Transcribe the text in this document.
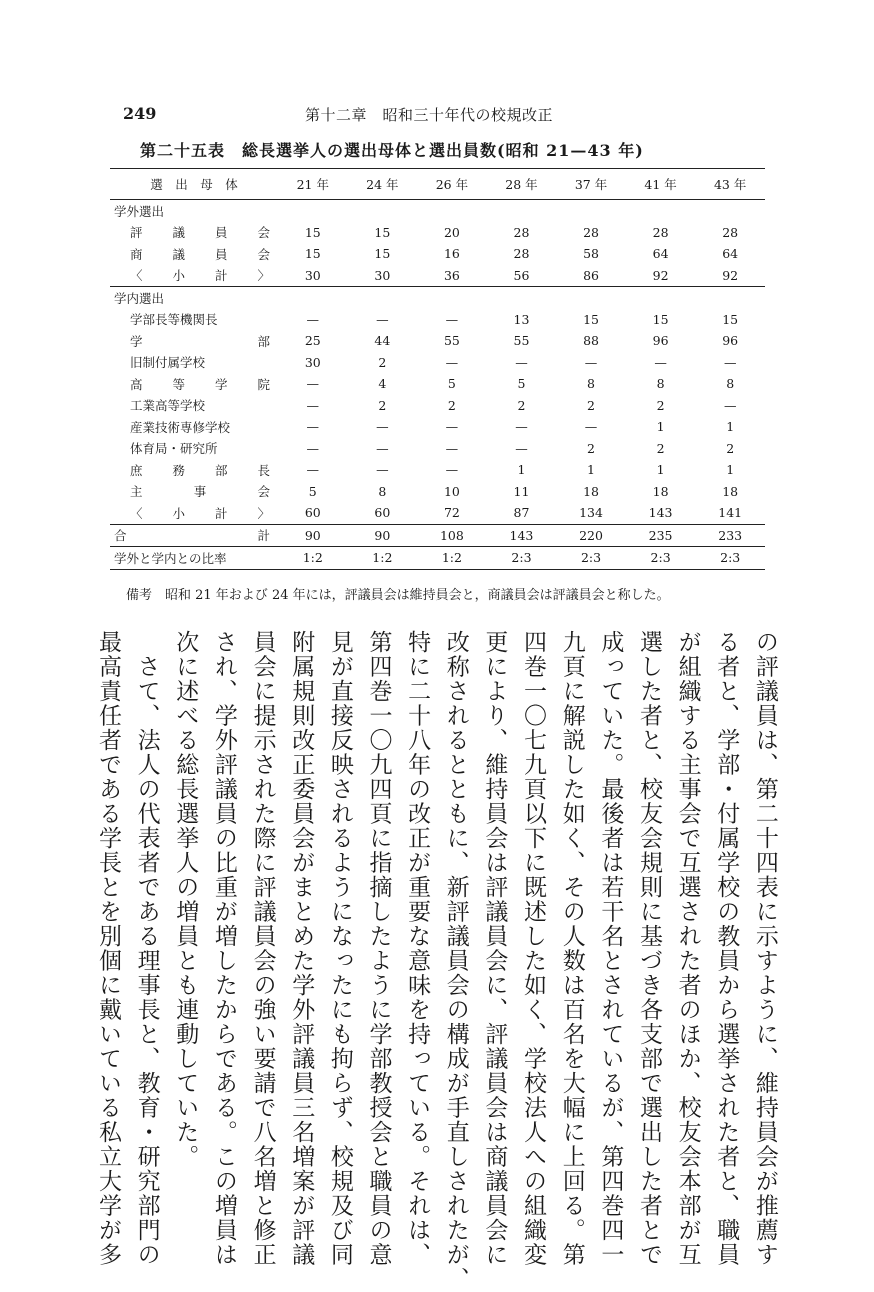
249	第十二章　昭和三十年代の校規改正
第二十五表　総長選挙人の選出母体と選出員数(昭和 21—43 年)
選　出　母　体	21 年	24 年	26 年	28 年	37 年	41 年	43 年
学外選出							

評議員会	15	15	20	28	28	28	28

商議員会	15	15	16	28	58	64	64

〈小計〉	30	30	36	56	86	92	92
学内選出							
学部長等機関長	—	—	—	13	15	15	15

学部	25	44	55	55	88	96	96
旧制付属学校	30	2	—	—	—	—	—

高等学院	—	4	5	5	8	8	8
工業高等学校	—	2	2	2	2	2	—
産業技術専修学校	—	—	—	—	—	1	1
体育局・研究所	—	—	—	—	2	2	2

庶務部長	—	—	—	1	1	1	1

主事会	5	8	10	11	18	18	18

〈小計〉	60	60	72	87	134	143	141

合計	90	90	108	143	220	235	233
学外と学内との比率	1:2	1:2	1:2	2:3	2:3	2:3	2:3
備考　昭和 21 年および 24 年には，評議員会は維持員会と，商議員会は評議員会と称した。
の評議員は、第二十四表に示すように、維持員会が推薦す
る者と、学部・付属学校の教員から選挙された者と、職員
が組織する主事会で互選された者のほか、校友会本部が互
選した者と、校友会規則に基づき各支部で選出した者とで
成っていた。最後者は若干名とされているが、第四巻四一
九頁に解説した如く、その人数は百名を大幅に上回る。第
四巻一〇七九頁以下に既述した如く、学校法人への組織変
更により、維持員会は評議員会に、評議員会は商議員会に
改称されるとともに、新評議員会の構成が手直しされたが、
特に二十八年の改正が重要な意味を持っている。それは、
第四巻一〇九四頁に指摘したように学部教授会と職員の意
見が直接反映されるようになったにも拘らず、校規及び同
附属規則改正委員会がまとめた学外評議員三名増案が評議
員会に提示された際に評議員会の強い要請で八名増と修正
され、学外評議員の比重が増したからである。この増員は
次に述べる総長選挙人の増員とも連動していた。
　さて、法人の代表者である理事長と、教育・研究部門の
最高責任者である学長とを別個に戴いている私立大学が多
